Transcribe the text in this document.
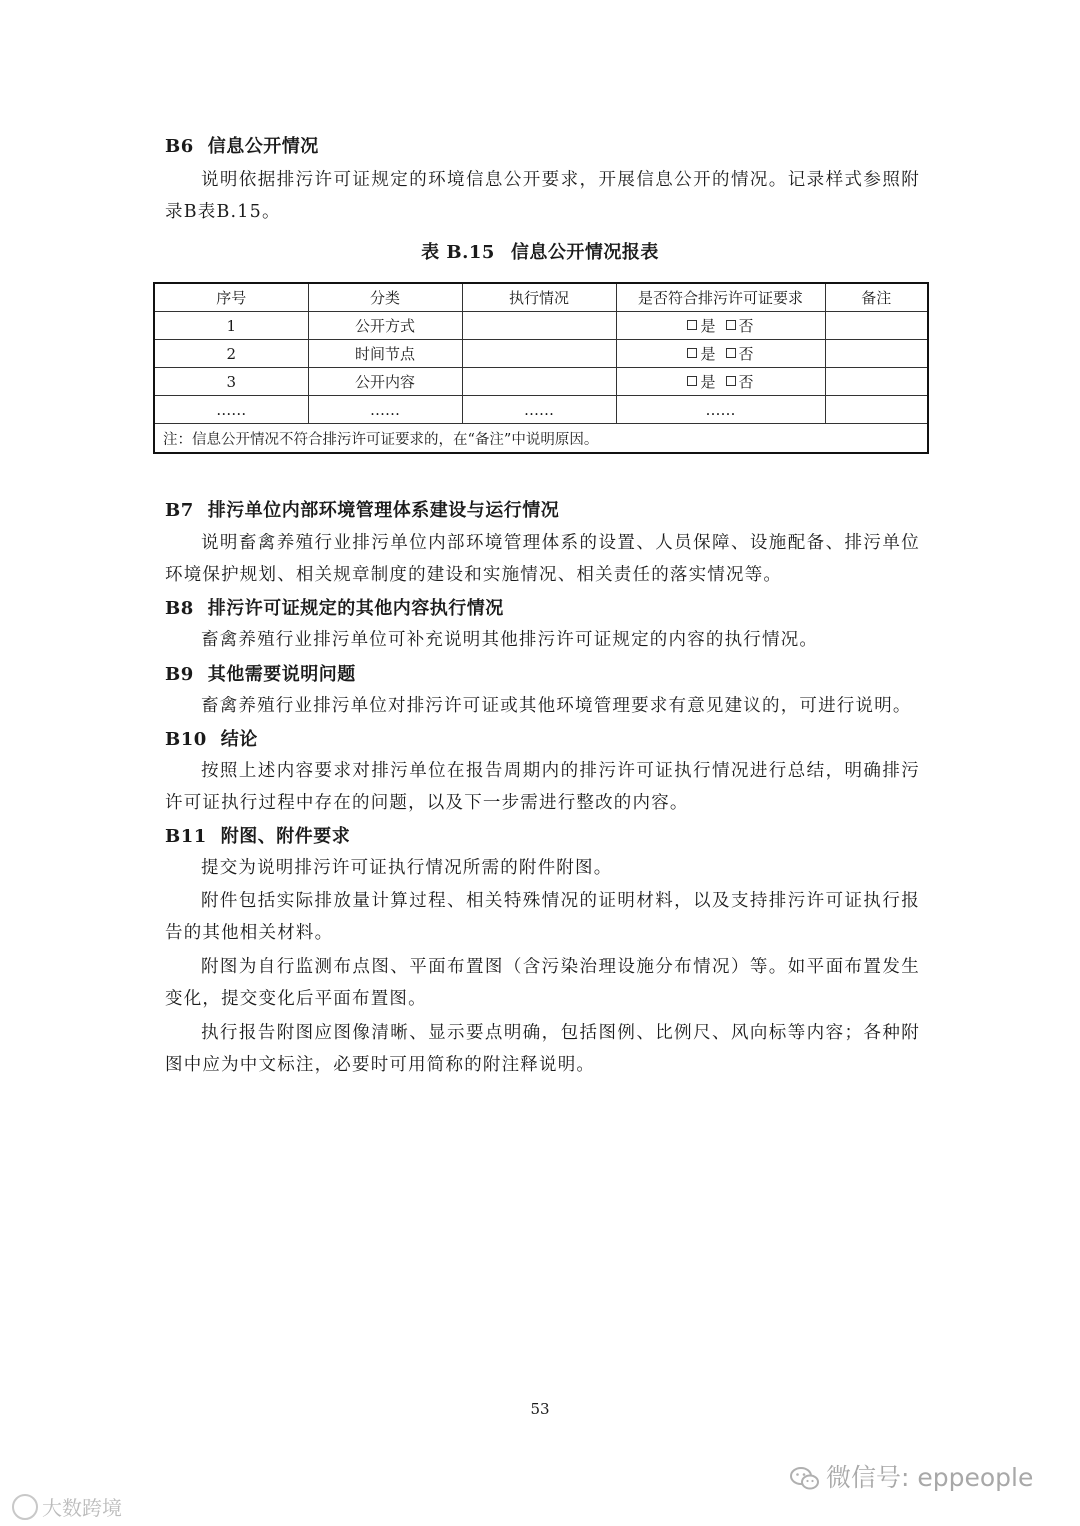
B6 信息公开情况
说明依据排污许可证规定的环境信息公开要求，开展信息公开的情况。记录样式参照附录B表B.15。
表 B.15 信息公开情况报表
序号	分类	执行情况	是否符合排污许可证要求	备注
1	公开方式		是 否	
2	时间节点		是 否	
3	公开内容		是 否	
……	……	……	……	
注：信息公开情况不符合排污许可证要求的，在“备注”中说明原因。				
B7 排污单位内部环境管理体系建设与运行情况
说明畜禽养殖行业排污单位内部环境管理体系的设置、人员保障、设施配备、排污单位环境保护规划、相关规章制度的建设和实施情况、相关责任的落实情况等。
B8 排污许可证规定的其他内容执行情况
畜禽养殖行业排污单位可补充说明其他排污许可证规定的内容的执行情况。
B9 其他需要说明问题
畜禽养殖行业排污单位对排污许可证或其他环境管理要求有意见建议的，可进行说明。
B10 结论
按照上述内容要求对排污单位在报告周期内的排污许可证执行情况进行总结，明确排污许可证执行过程中存在的问题，以及下一步需进行整改的内容。
B11 附图、附件要求
提交为说明排污许可证执行情况所需的附件附图。
附件包括实际排放量计算过程、相关特殊情况的证明材料，以及支持排污许可证执行报告的其他相关材料。
附图为自行监测布点图、平面布置图（含污染治理设施分布情况）等。如平面布置发生变化，提交变化后平面布置图。
执行报告附图应图像清晰、显示要点明确，包括图例、比例尺、风向标等内容；各种附图中应为中文标注，必要时可用简称的附注释说明。
53
大数跨境
微信号: eppeople
